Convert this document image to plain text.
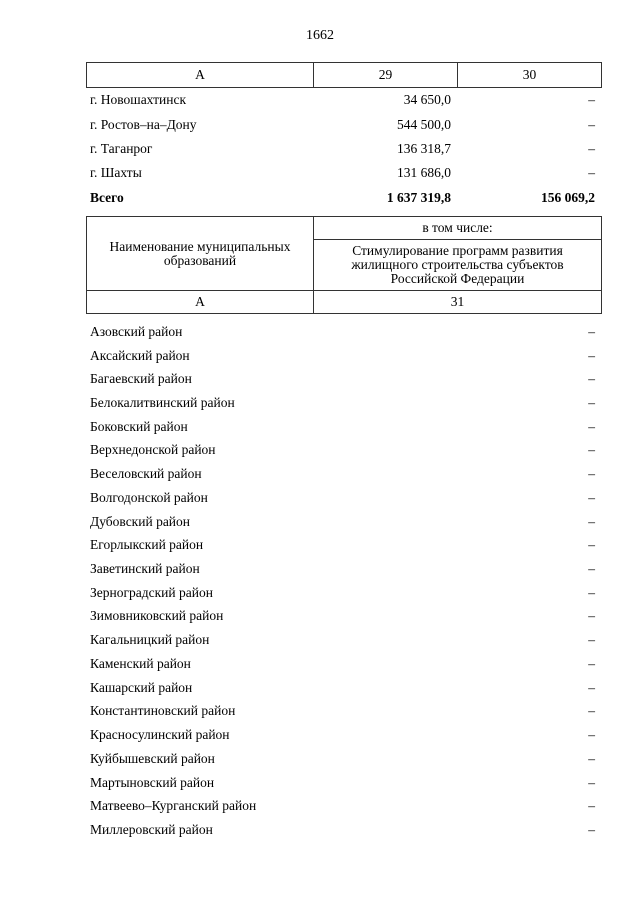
1662
А	29	30
г. Новошахтинск	34 650,0	–
г. Ростов–на–Дону	544 500,0	–
г. Таганрог	136 318,7	–
г. Шахты	131 686,0	–
Всего	1 637 319,8	156 069,2
Наименование муниципальных образований	в том числе:
	Стимулирование программ развития жилищного строительства субъектов Российской Федерации
А	31
Азовский район	–
Аксайский район	–
Багаевский район	–
Белокалитвинский район	–
Боковский район	–
Верхнедонской район	–
Веселовский район	–
Волгодонской район	–
Дубовский район	–
Егорлыкский район	–
Заветинский район	–
Зерноградский район	–
Зимовниковский район	–
Кагальницкий район	–
Каменский район	–
Кашарский район	–
Константиновский район	–
Красносулинский район	–
Куйбышевский район	–
Мартыновский район	–
Матвеево–Курганский район	–
Миллеровский район	–
